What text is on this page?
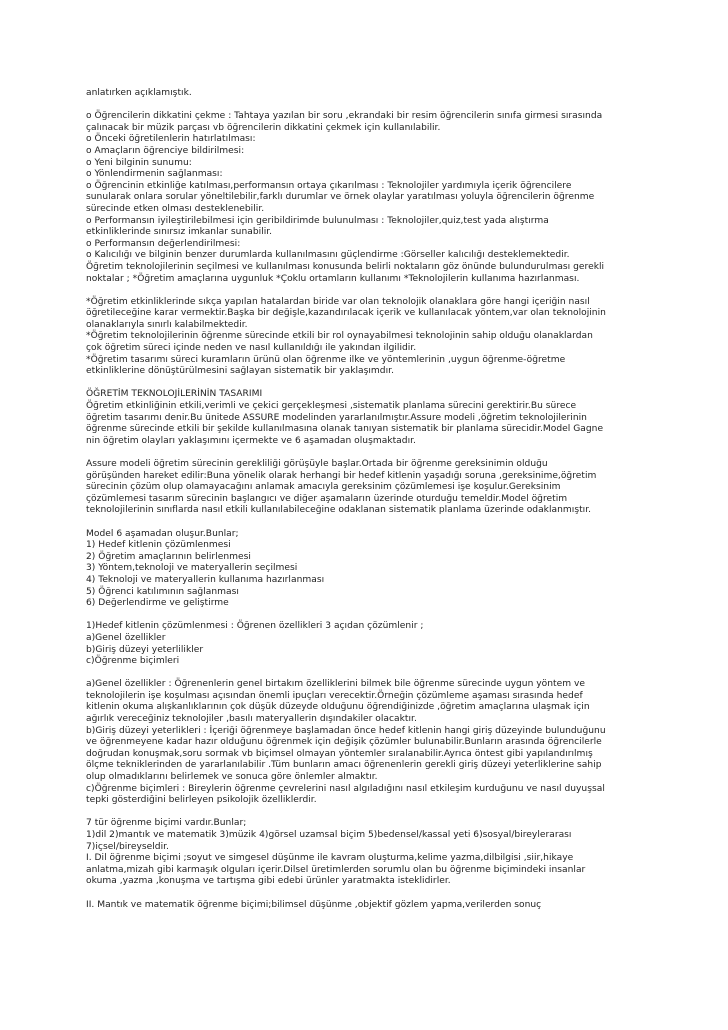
anlatırken açıklamıştık.

o Öğrencilerin dikkatini çekme : Tahtaya yazılan bir soru ,ekrandaki bir resim öğrencilerin sınıfa girmesi sırasında

çalınacak bir müzik parçası vb öğrencilerin dikkatini çekmek için kullanılabilir.

o Önceki öğretilenlerin hatırlatılması:

o Amaçların öğrenciye bildirilmesi:

o Yeni bilginin sunumu:

o Yönlendirmenin sağlanması:

o Öğrencinin etkinliğe katılması,performansın ortaya çıkarılması : Teknolojiler yardımıyla içerik öğrencilere

sunularak onlara sorular yöneltilebilir,farklı durumlar ve örnek olaylar yaratılması yoluyla öğrencilerin öğrenme

sürecinde etken olması desteklenebilir.

o Performansın iyileştirilebilmesi için geribildirimde bulunulması : Teknolojiler,quiz,test yada alıştırma

etkinliklerinde sınırsız imkanlar sunabilir.

o Performansın değerlendirilmesi:

o Kalıcılığı ve bilginin benzer durumlarda kullanılmasını güçlendirme :Görseller kalıcılığı desteklemektedir.

Öğretim teknolojilerinin seçilmesi ve kullanılması konusunda belirli noktaların göz önünde bulundurulması gerekli

noktalar ; *Öğretim amaçlarına uygunluk *Çoklu ortamların kullanımı *Teknolojilerin kullanıma hazırlanması.

*Öğretim etkinliklerinde sıkça yapılan hatalardan biride var olan teknolojik olanaklara göre hangi içeriğin nasıl

öğretileceğine karar vermektir.Başka bir değişle,kazandırılacak içerik ve kullanılacak yöntem,var olan teknolojinin

olanaklarıyla sınırlı kalabilmektedir.

*Öğretim teknolojilerinin öğrenme sürecinde etkili bir rol oynayabilmesi teknolojinin sahip olduğu olanaklardan

çok öğretim süreci içinde neden ve nasıl kullanıldığı ile yakından ilgilidir.

*Öğretim tasarımı süreci kuramların ürünü olan öğrenme ilke ve yöntemlerinin ,uygun öğrenme-öğretme

etkinliklerine dönüştürülmesini sağlayan sistematik bir yaklaşımdır.

ÖĞRETİM TEKNOLOJİLERİNİN TASARIMI

Öğretim etkinliğinin etkili,verimli ve çekici gerçekleşmesi ,sistematik planlama sürecini gerektirir.Bu sürece

öğretim tasarımı denir.Bu ünitede ASSURE modelinden yararlanılmıştır.Assure modeli ,öğretim teknolojilerinin

öğrenme sürecinde etkili bir şekilde kullanılmasına olanak tanıyan sistematik bir planlama sürecidir.Model Gagne

nin öğretim olayları yaklaşımını içermekte ve 6 aşamadan oluşmaktadır.

Assure modeli öğretim sürecinin gerekliliği görüşüyle başlar.Ortada bir öğrenme gereksinimin olduğu

görüşünden hareket edilir:Buna yönelik olarak herhangi bir hedef kitlenin yaşadığı soruna ,gereksinime,öğretim

sürecinin çözüm olup olamayacağını anlamak amacıyla gereksinim çözümlemesi işe koşulur.Gereksinim

çözümlemesi tasarım sürecinin başlangıcı ve diğer aşamaların üzerinde oturduğu temeldir.Model öğretim

teknolojilerinin sınıflarda nasıl etkili kullanılabileceğine odaklanan sistematik planlama üzerinde odaklanmıştır.

Model 6 aşamadan oluşur.Bunlar;

1) Hedef kitlenin çözümlenmesi

2) Öğretim amaçlarının belirlenmesi

3) Yöntem,teknoloji ve materyallerin seçilmesi

4) Teknoloji ve materyallerin kullanıma hazırlanması

5) Öğrenci katılımının sağlanması

6) Değerlendirme ve geliştirme

1)Hedef kitlenin çözümlenmesi : Öğrenen özellikleri 3 açıdan çözümlenir ;

a)Genel özellikler

b)Giriş düzeyi yeterlilikler

c)Öğrenme biçimleri

a)Genel özellikler : Öğrenenlerin genel birtakım özelliklerini bilmek bile öğrenme sürecinde uygun yöntem ve

teknolojilerin işe koşulması açısından önemli ipuçları verecektir.Örneğin çözümleme aşaması sırasında hedef

kitlenin okuma alışkanlıklarının çok düşük düzeyde olduğunu öğrendiğinizde ,öğretim amaçlarına ulaşmak için

ağırlık vereceğiniz teknolojiler ,basılı materyallerin dışındakiler olacaktır.

b)Giriş düzeyi yeterlikleri : İçeriği öğrenmeye başlamadan önce hedef kitlenin hangi giriş düzeyinde bulunduğunu

ve öğrenmeyene kadar hazır olduğunu öğrenmek için değişik çözümler bulunabilir.Bunların arasında öğrencilerle

doğrudan konuşmak,soru sormak vb biçimsel olmayan yöntemler sıralanabilir.Ayrıca öntest gibi yapılandırılmış

ölçme tekniklerinden de yararlanılabilir .Tüm bunların amacı öğrenenlerin gerekli giriş düzeyi yeterliklerine sahip

olup olmadıklarını belirlemek ve sonuca göre önlemler almaktır.

c)Öğrenme biçimleri : Bireylerin öğrenme çevrelerini nasıl algıladığını nasıl etkileşim kurduğunu ve nasıl duyuşsal

tepki gösterdiğini belirleyen psikolojik özelliklerdir.

7 tür öğrenme biçimi vardır.Bunlar;

1)dil 2)mantık ve matematik 3)müzik 4)görsel uzamsal biçim 5)bedensel/kassal yeti 6)sosyal/bireylerarası

7)içsel/bireyseldir.

I. Dil öğrenme biçimi ;soyut ve simgesel düşünme ile kavram oluşturma,kelime yazma,dilbilgisi ,siir,hikaye

anlatma,mizah gibi karmaşık olguları içerir.Dilsel üretimlerden sorumlu olan bu öğrenme biçimindeki insanlar

okuma ,yazma ,konuşma ve tartışma gibi edebi ürünler yaratmakta isteklidirler.

II. Mantık ve matematik öğrenme biçimi;bilimsel düşünme ,objektif gözlem yapma,verilerden sonuç
